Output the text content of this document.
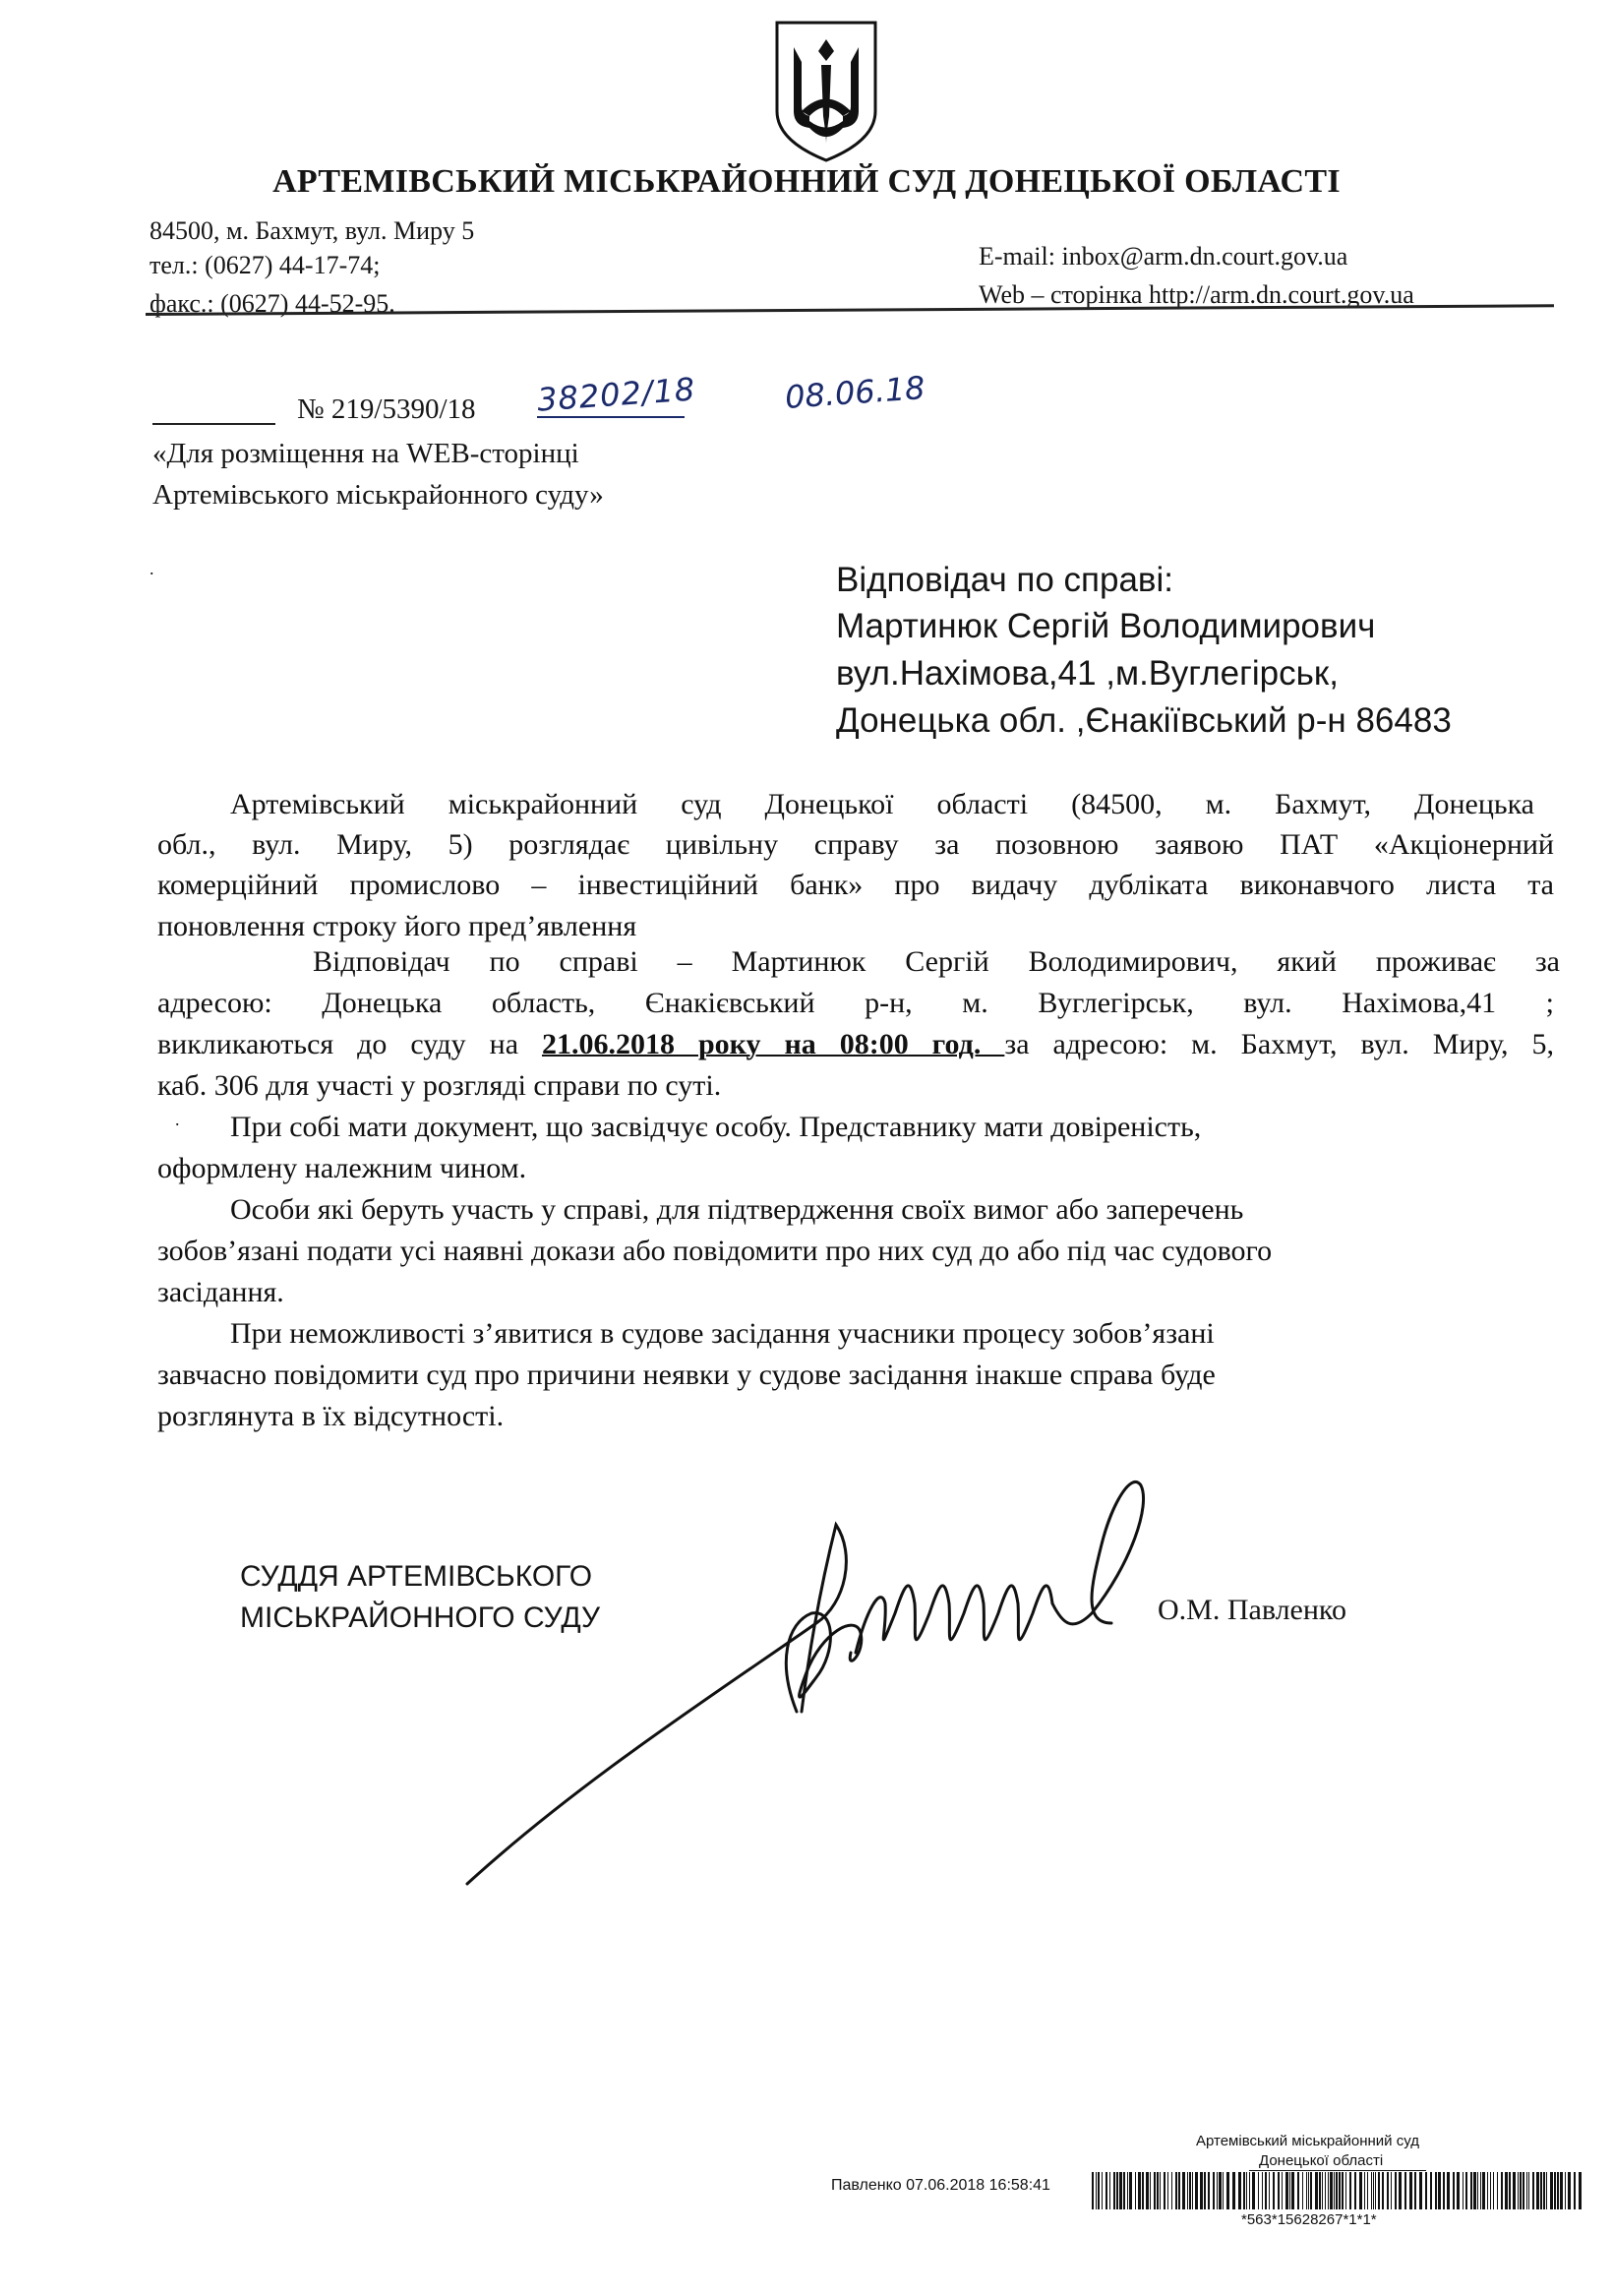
АРТЕМІВСЬКИЙ МІСЬКРАЙОННИЙ СУД ДОНЕЦЬКОЇ ОБЛАСТІ
84500, м. Бахмут, вул. Миру 5
тел.: (0627) 44-17-74;
факс.: (0627) 44-52-95.
E-mail: inbox@arm.dn.court.gov.ua
Web – сторінка http://arm.dn.court.gov.ua
№ 219/5390/18 38202/18	08.06.18
«Для розміщення на WEB-сторінці
Артемівського міськрайонного суду»
.	Відповідач по справі:
Мартинюк Сергій Володимирович
вул.Нахімова,41 ,м.Вуглегірськ,
Донецька обл. ,Єнакіївський р-н 86483
Артемівський міськрайонний суд Донецької області (84500, м. Бахмут, Донецька
обл., вул. Миру, 5) розглядає цивільну справу за позовною заявою ПАТ «Акціонерний
комерційний промислово – інвестиційний банк» про видачу дубліката виконавчого листа та
поновлення строку його пред’явлення
Відповідач по справі – Мартинюк Сергій Володимирович, який проживає за
адресою: Донецька область, Єнакієвський р-н, м. Вуглегірськ, вул. Нахімова,41 ;
викликаються до суду на 21.06.2018 року на 08:00 год. за адресою: м. Бахмут, вул. Миру, 5,
каб. 306 для участі у розгляді справи по суті.
. При собі мати документ, що засвідчує особу. Представнику мати довіреність,
оформлену належним чином.
Особи які беруть участь у справі, для підтвердження своїх вимог або заперечень
зобов’язані подати усі наявні докази або повідомити про них суд до або під час судового
засідання.
При неможливості з’явитися в судове засідання учасники процесу зобов’язані
завчасно повідомити суд про причини неявки у судове засідання інакше справа буде
розглянута в їх відсутності.
СУДДЯ АРТЕМІВСЬКОГО
МІСЬКРАЙОННОГО СУДУ	О.М. Павленко
Артемівський міськрайонний суд
Донецької області
Павленко 07.06.2018 16:58:41
*563*15628267*1*1*
